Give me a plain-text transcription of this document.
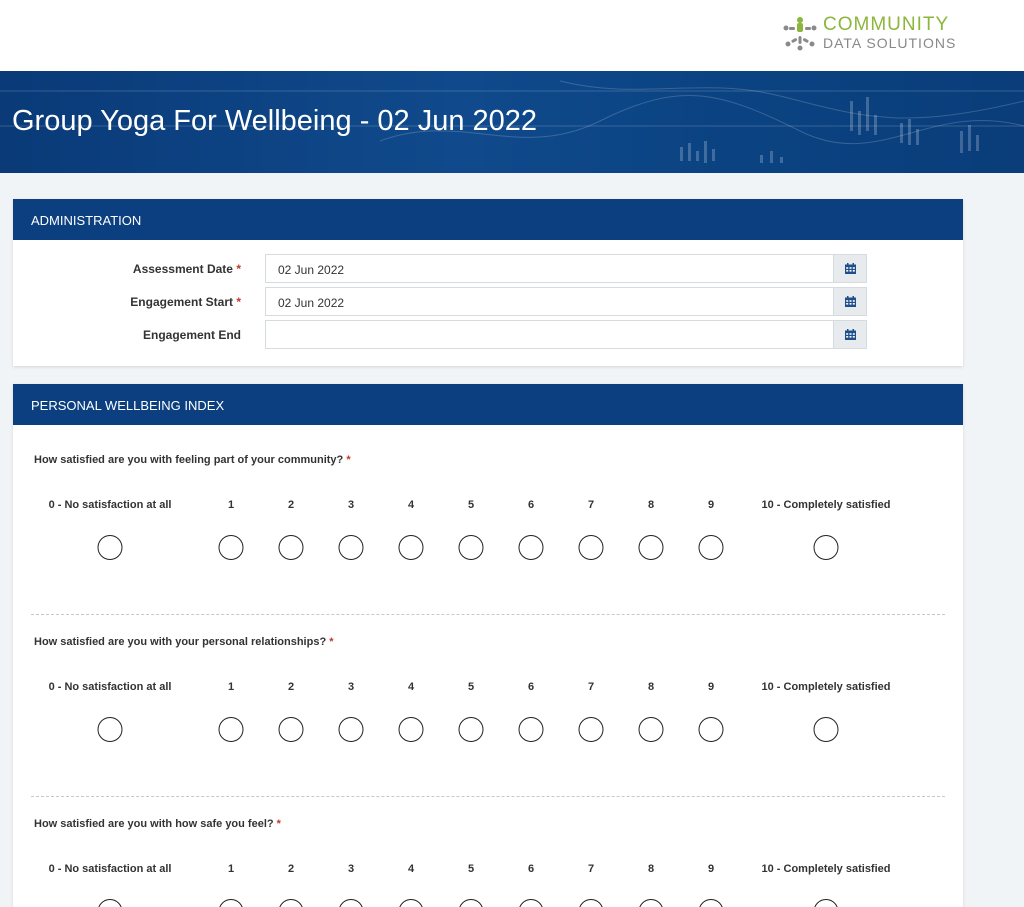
COMMUNITY
DATA SOLUTIONS
Group Yoga For Wellbeing - 02 Jun 2022
ADMINISTRATION
Assessment Date *	02 Jun 2022
Engagement Start *	02 Jun 2022
Engagement End
PERSONAL WELLBEING INDEX
How satisfied are you with feeling part of your community? *
0 - No satisfaction at all	1	2	3	4	5	6	7	8	9	10 - Completely satisfied
How satisfied are you with your personal relationships? *
0 - No satisfaction at all	1	2	3	4	5	6	7	8	9	10 - Completely satisfied
How satisfied are you with how safe you feel? *
0 - No satisfaction at all	1	2	3	4	5	6	7	8	9	10 - Completely satisfied
